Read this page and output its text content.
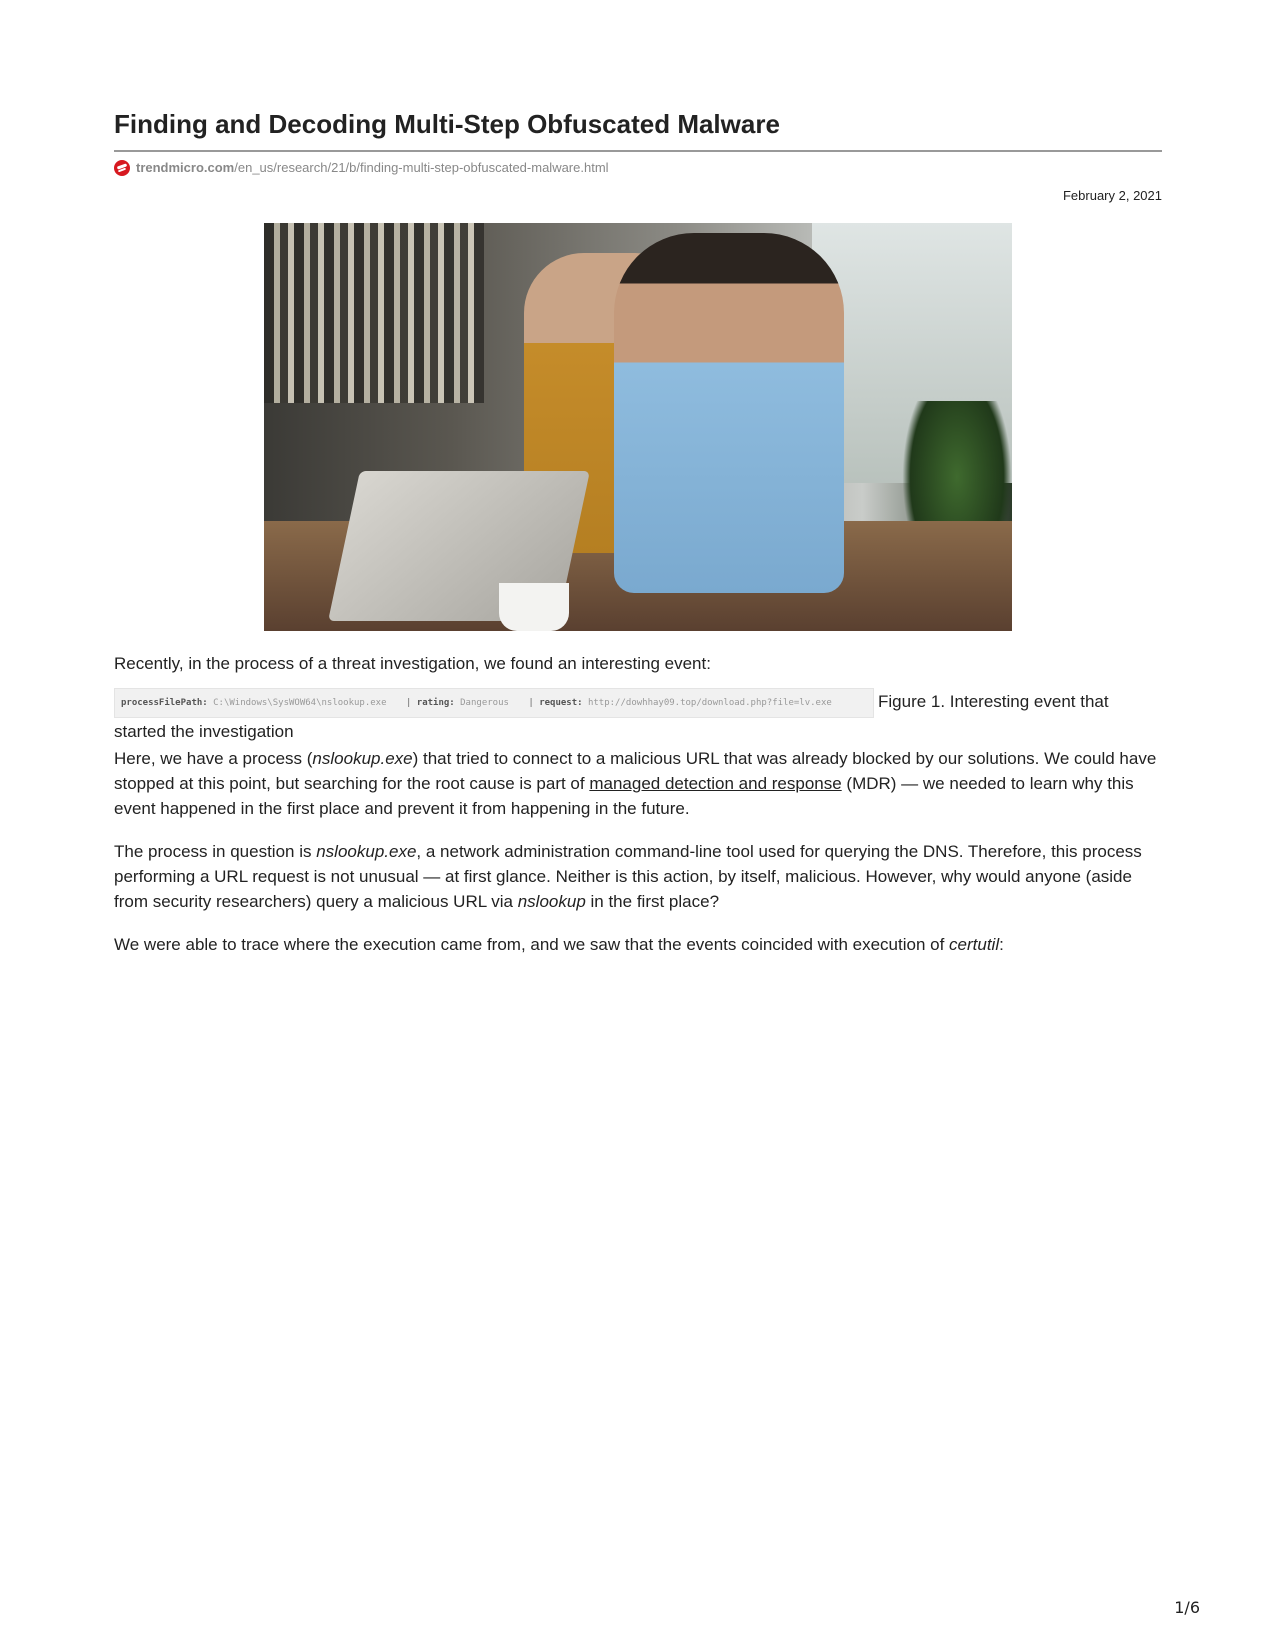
Finding and Decoding Multi-Step Obfuscated Malware
trendmicro.com /en_us/research/21/b/finding-multi-step-obfuscated-malware.html
February 2, 2021

Recently, in the process of a threat investigation, we found an interesting event:

processFilePath: C:\Windows\SysWOW64\nslookup.exe | rating: Dangerous | request: http://dowhhay09.top/download.php?file=lv.exe	Figure 1. Interesting event that started the investigation

Here, we have a process (nslookup.exe) that tried to connect to a malicious URL that was already blocked by our solutions. We could have stopped at this point, but searching for the root cause is part of managed detection and response (MDR) — we needed to learn why this event happened in the first place and prevent it from happening in the future.

The process in question is nslookup.exe, a network administration command-line tool used for querying the DNS. Therefore, this process performing a URL request is not unusual — at first glance. Neither is this action, by itself, malicious. However, why would anyone (aside from security researchers) query a malicious URL via nslookup in the first place?

We were able to trace where the execution came from, and we saw that the events coincided with execution of certutil:

1/6
